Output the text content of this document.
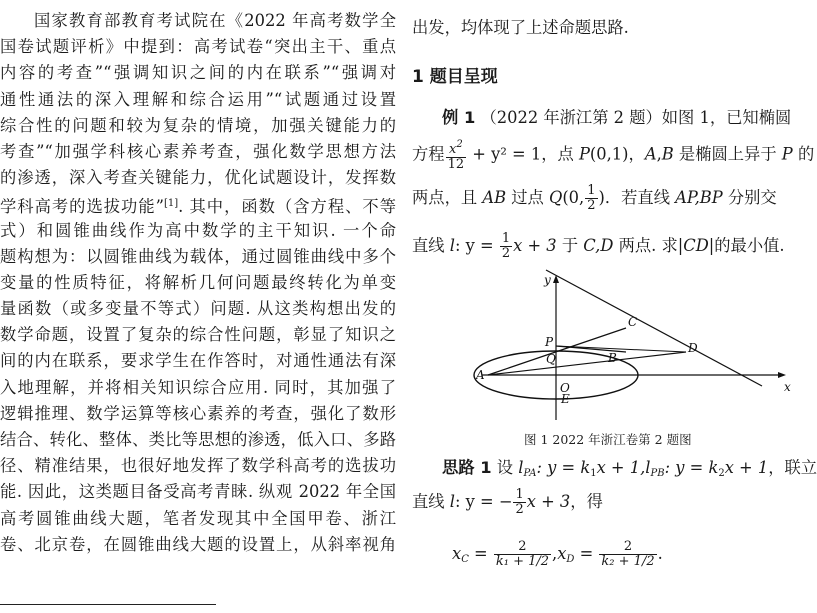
国家教育部教育考试院在《2022 年高考数学全
国卷试题评析》中提到：高考试卷“突出主干、重点
内容的考查”“强调知识之间的内在联系”“强调对
通性通法的深入理解和综合运用”“试题通过设置
综合性的问题和较为复杂的情境，加强关键能力的
考查”“加强学科核心素养考查，强化数学思想方法
的渗透，深入考查关键能力，优化试题设计，发挥数
学科高考的选拔功能”[1]. 其中，函数（含方程、不等
式）和圆锥曲线作为高中数学的主干知识. 一个命
题构想为：以圆锥曲线为载体，通过圆锥曲线中多个
变量的性质特征，将解析几何问题最终转化为单变
量函数（或多变量不等式）问题. 从这类构想出发的
数学命题，设置了复杂的综合性问题，彰显了知识之
间的内在联系，要求学生在作答时，对通性通法有深
入地理解，并将相关知识综合应用. 同时，其加强了
逻辑推理、数学运算等核心素养的考查，强化了数形
结合、转化、整体、类比等思想的渗透，低入口、多路
径、精准结果，也很好地发挥了数学科高考的选拔功
能. 因此，这类题目备受高考青睐. 纵观 2022 年全国
高考圆锥曲线大题，笔者发现其中全国甲卷、浙江
卷、北京卷，在圆锥曲线大题的设置上，从斜率视角
出发，均体现了上述命题思路.
1 题目呈现
例 1 （2022 年浙江第 2 题）如图 1，已知椭圆
方程 $\frac{x^2}{12} + y^2 = 1$，点 P(0,1)，A,B 是椭圆上异于 P 的
两点，且 AB 过点 Q(0, $\frac{1}{2}$ )．若直线 AP,BP 分别交
直线 l: $y = \frac{1}{2}$ x + 3 于 C,D 两点. 求|CD|的最小值.
y
x
P
Q
O
A
B
C
D
E
图 1 2022 年浙江卷第 2 题图
思路 1 设 $l_{PA}$: $y = k_1x + 1,l_{PB}$: $y = k_2x + 1$，联立
直线 l: y = − $\frac{1}{2}$ x + 3，得
$x_C = \frac{2}{\text{k₁ + 1/2}} ,x_D = \frac{2}{\text{k₂ + 1/2}}$ .
